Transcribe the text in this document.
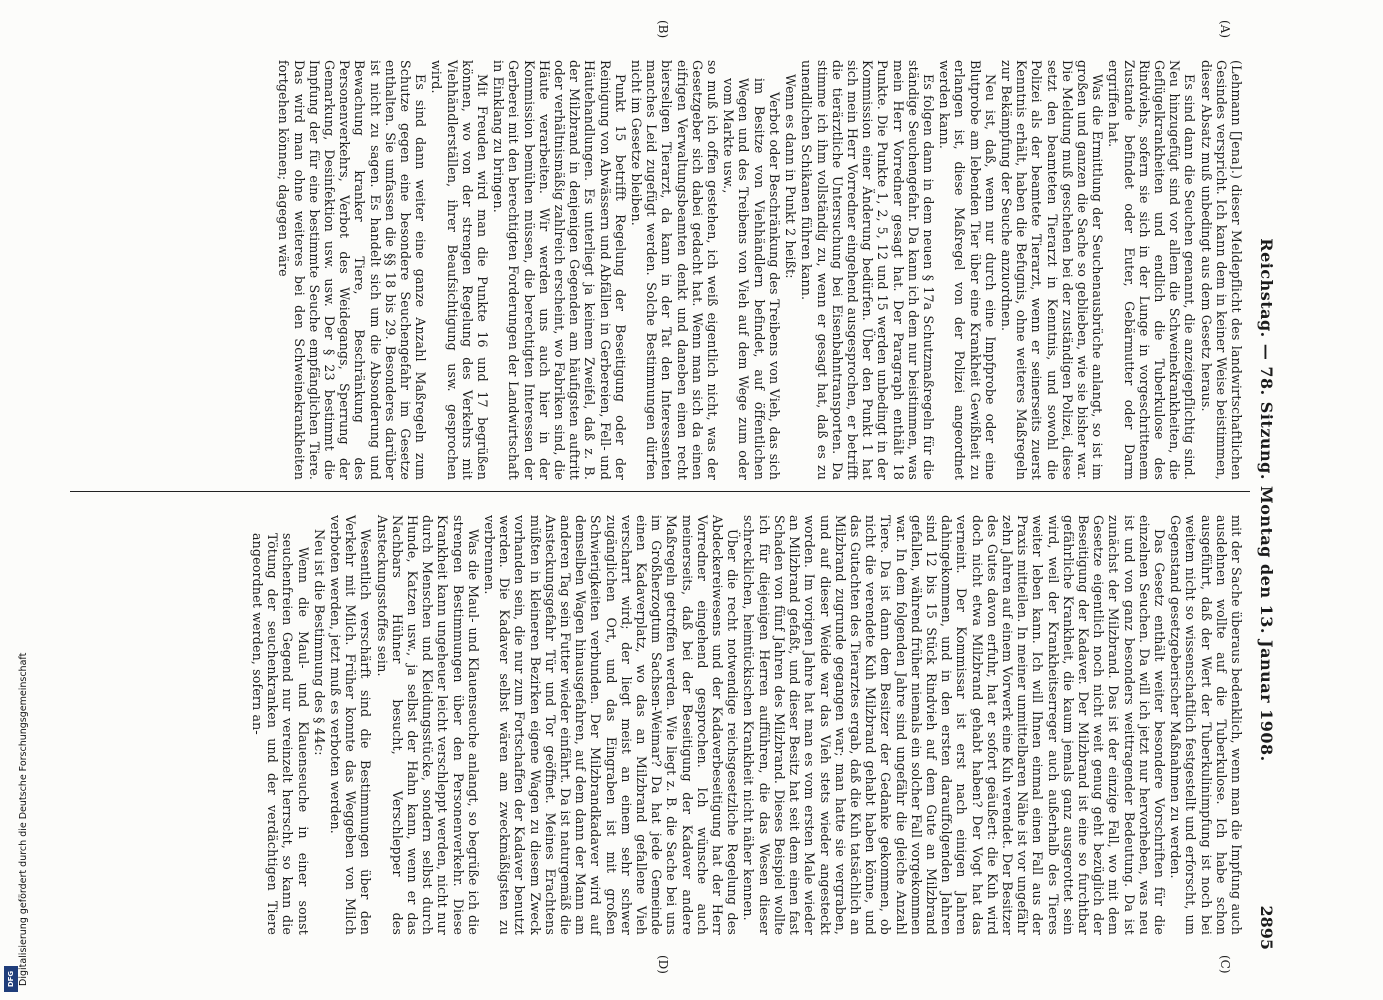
Reichstag. — 78. Sitzung. Montag den 13. Januar 1908.
2895
(A)
(B)
(C)
(D)

(Lehmann [Jena].) dieser Meldepflicht des landwirtschaftlichen Gesindes verspricht. Ich kann dem in keiner Weise beistimmen, dieser Absatz muß unbedingt aus dem Gesetz heraus.

Es sind dann die Seuchen genannt, die anzeigepflichtig sind. Neu hinzugefügt sind vor allem die Schweinekrankheiten, die Geflügelkrankheiten und endlich die Tuberkulose des Rindviehs, sofern sie sich in der Lunge in vorgeschrittenem Zustande befindet oder Euter, Gebärmutter oder Darm ergriffen hat.

Was die Ermittlung der Seuchenausbrüche anlangt, so ist im großen und ganzen die Sache so geblieben, wie sie bisher war. Die Meldung muß geschehen bei der zuständigen Polizei, diese setzt den beamteten Tierarzt in Kenntnis, und sowohl die Polizei als der beamtete Tierarzt, wenn er seinerseits zuerst Kenntnis erhält, haben die Befugnis, ohne weiteres Maßregeln zur Bekämpfung der Seuche anzuordnen.

Neu ist, daß, wenn nur durch eine Impfprobe oder eine Blutprobe am lebenden Tier über eine Krankheit Gewißheit zu erlangen ist, diese Maßregel von der Polizei angeordnet werden kann.

Es folgen dann in dem neuen § 17a Schutzmaßregeln für die ständige Seuchengefahr. Da kann ich dem nur beistimmen, was mein Herr Vorredner gesagt hat. Der Paragraph enthält 18 Punkte. Die Punkte 1, 2, 5, 12 und 15 werden unbedingt in der Kommission einer Änderung bedürfen. Über den Punkt 1 hat sich mein Herr Vorredner eingehend ausgesprochen, er betrifft die tierärztliche Untersuchung bei Eisenbahntransporten. Da stimme ich ihm vollständig zu, wenn er gesagt hat, daß es zu unendlichen Schikanen führen kann.

Wenn es dann in Punkt 2 heißt:

Verbot oder Beschränkung des Treibens von Vieh, das sich im Besitze von Viehhändlern befindet, auf öffentlichen Wegen und des Treibens von Vieh auf dem Wege zum oder vom Markte usw.,

so muß ich offen gestehen, ich weiß eigentlich nicht, was der Gesetzgeber sich dabei gedacht hat. Wenn man sich da einen eifrigen Verwaltungsbeamten denkt und daneben einen recht bierseligen Tierarzt, da kann in der Tat den Interessenten manches Leid zugefügt werden. Solche Bestimmungen dürfen nicht im Gesetze bleiben.

Punkt 15 betrifft Regelung der Beseitigung oder der Reinigung von Abwässern und Abfällen in Gerbereien, Fell- und Häutehandlungen. Es unterliegt ja keinem Zweifel, daß z. B. der Milzbrand in denjenigen Gegenden am häufigsten auftritt oder verhältnismäßig zahlreich erscheint, wo Fabriken sind, die Häute verarbeiten. Wir werden uns auch hier in der Kommission bemühen müssen, die berechtigten Interessen der Gerberei mit den berechtigten Forderungen der Landwirtschaft in Einklang zu bringen.

Mit Freuden wird man die Punkte 16 und 17 begrüßen können, wo von der strengen Regelung des Verkehrs mit Viehhändlerställen, ihrer Beaufsichtigung usw. gesprochen wird.

Es sind dann weiter eine ganze Anzahl Maßregeln zum Schutze gegen eine besondere Seuchengefahr im Gesetze enthalten. Sie umfassen die §§ 18 bis 29. Besonderes darüber ist nicht zu sagen. Es handelt sich um die Absonderung und Bewachung kranker Tiere, Beschränkung des Personenverkehrs, Verbot des Weidegangs, Sperrung der Gemarkung, Desinfektion usw. usw. Der § 23 bestimmt die Impfung der für eine bestimmte Seuche empfänglichen Tiere. Das wird man ohne weiteres bei den Schweinekrankheiten fortgehen können; dagegen wäre

mit der Sache überaus bedenklich, wenn man die Impfung auch ausdehnen wollte auf die Tuberkulose. Ich habe schon ausgeführt, daß der Wert der Tuberkulinimpfung ist noch bei weitem nicht so wissenschaftlich festgestellt und erforscht, um Gegenstand gesetzgeberischer Maßnahmen zu werden.

Das Gesetz enthält weiter besondere Vorschriften für die einzelnen Seuchen. Da will ich jetzt nur hervorheben, was neu ist und von ganz besonders weittragender Bedeutung. Da ist zunächst der Milzbrand. Das ist der einzige Fall, wo mit dem Gesetze eigentlich noch nicht weit genug geht bezüglich der Beseitigung der Kadaver. Der Milzbrand ist eine so furchtbar gefährliche Krankheit, die kaum jemals ganz ausgerottet sein wird, weil der Krankheitserreger auch außerhalb des Tieres weiter leben kann. Ich will Ihnen einmal einen Fall aus der Praxis mitteilen. In meiner unmittelbaren Nähe ist vor ungefähr zehn Jahren auf einem Vorwerk eine Kuh verendet. Der Besitzer des Gutes davon erfuhr, hat er sofort geäußert: die Kuh wird doch nicht etwa Milzbrand gehabt haben? Der Vogt hat das verneint. Der Kommissar ist erst nach einigen Jahren dahingekommen, und in den ersten darauffolgenden Jahren sind 12 bis 15 Stück Rindvieh auf dem Gute an Milzbrand gefallen, während früher niemals ein solcher Fall vorgekommen war. In dem folgenden Jahre sind ungefähr die gleiche Anzahl Tiere. Da ist dann dem Besitzer der Gedanke gekommen, ob nicht die verendete Kuh Milzbrand gehabt haben könne, und das Gutachten des Tierarztes ergab, daß die Kuh tatsächlich an Milzbrand zugrunde gegangen war; man hatte sie vergraben, und auf dieser Weide war das Vieh stets wieder angesteckt worden. Im vorigen Jahre hat man es vom ersten Male wieder an Milzbrand gefaßt, und dieser Besitz hat seit dem einen fast Schaden von fünf Jahren des Milzbrand. Dieses Beispiel wollte ich für diejenigen Herren aufführen, die das Wesen dieser schrecklichen, heimtückischen Krankheit nicht näher kennen.

Über die recht notwendige reichsgesetzliche Regelung des Abdeckereiwesens und der Kadaverbeseitigung hat der Herr Vorredner eingehend gesprochen. Ich wünsche auch meinerseits, daß bei der Beseitigung der Kadaver andere Maßregeln getroffen werden. Wie liegt z. B. die Sache bei uns im Großherzogtum Sachsen-Weimar? Da hat jede Gemeinde einen Kadaverplatz, wo das an Milzbrand gefallene Vieh verscharrt wird; der liegt meist an einem sehr schwer zugänglichen Ort, und das Eingraben ist mit großen Schwierigkeiten verbunden. Der Milzbrandkadaver wird auf demselben Wagen hinausgefahren, auf dem dann der Mann am anderen Tag sein Futter wieder einfährt. Da ist naturgemäß die Ansteckungsgefahr Tür und Tor geöffnet. Meines Erachtens müßten in kleineren Bezirken eigene Wagen zu diesem Zweck vorhanden sein, die nur zum Fortschaffen der Kadaver benutzt werden. Die Kadaver selbst wären am zweckmäßigsten zu verbrennen.

Was die Maul- und Klauenseuche anlangt, so begrüße ich die strengen Bestimmungen über den Personenverkehr. Diese Krankheit kann ungeheuer leicht verschleppt werden, nicht nur durch Menschen und Kleidungsstücke, sondern selbst durch Hunde, Katzen usw., ja selbst der Hahn kann, wenn er das Nachbars Hühner besucht, Verschlepper des Ansteckungsstoffes sein.

Wesentlich verschärft sind die Bestimmungen über den Verkehr mit Milch. Früher konnte das Weggeben von Milch verboten werden, jetzt muß es verboten werden.

Neu ist die Bestimmung des § 44c:

Wenn die Maul- und Klauenseuche in einer sonst seuchenfreien Gegend nur vereinzelt herrscht, so kann die Tötung der seuchenkranken und der verdächtigen Tiere angeordnet werden, sofern an-

Digitalisierung gefördert durch die Deutsche Forschungsgemeinschaft
DFG
